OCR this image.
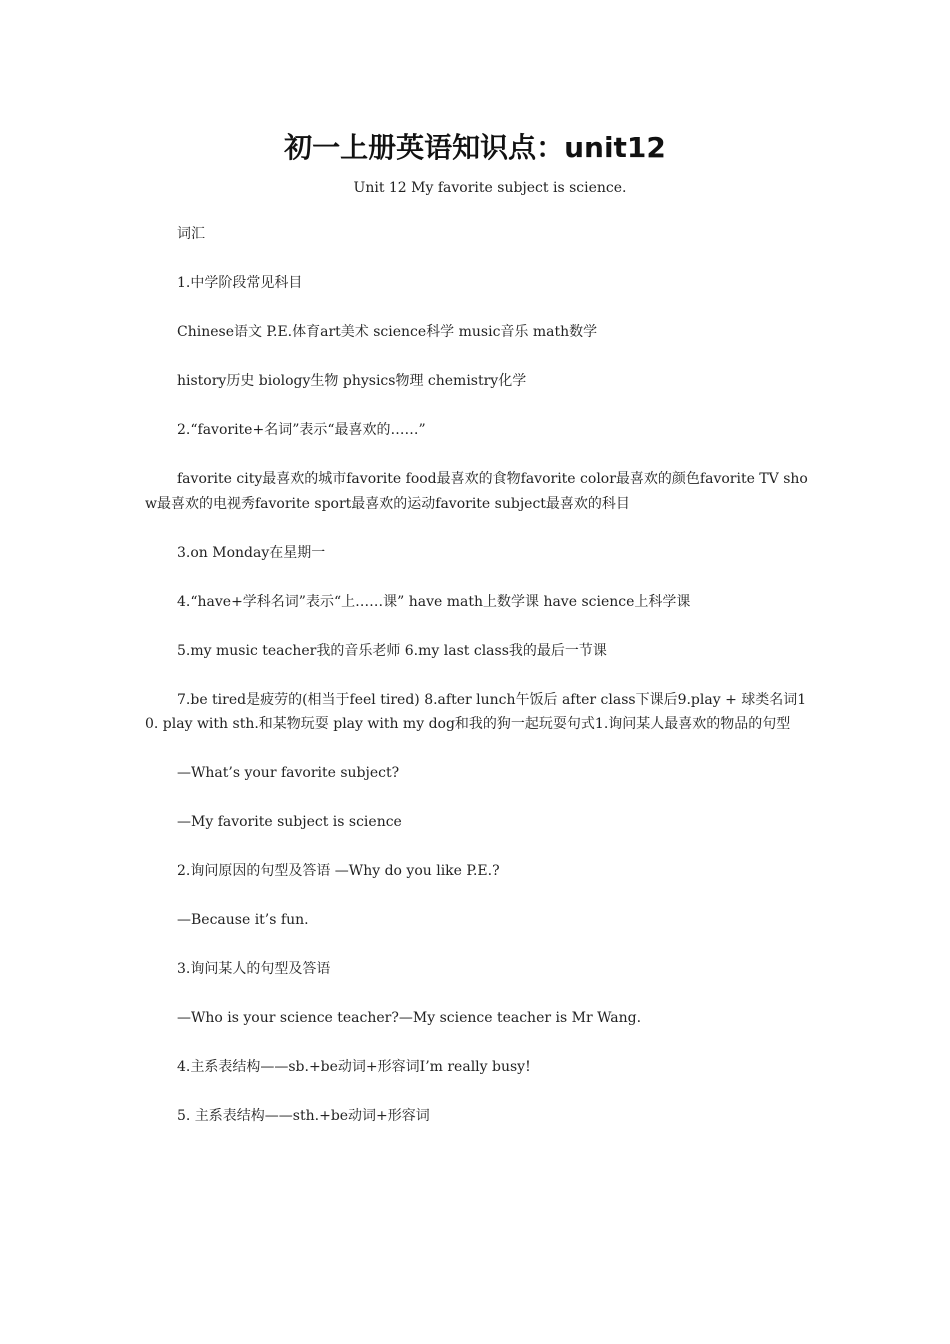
初一上册英语知识点：unit12
Unit 12 My favorite subject is science.

词汇

1.中学阶段常见科目

Chinese语文 P.E.体育art美术 science科学 music音乐 math数学

history历史 biology生物 physics物理 chemistry化学

2.“favorite+名词”表示“最喜欢的……”

favorite city最喜欢的城市favorite food最喜欢的食物favorite color最喜欢的颜色favorite TV show最喜欢的电视秀favorite sport最喜欢的运动favorite subject最喜欢的科目

3.on Monday在星期一

4.“have+学科名词”表示“上……课” have math上数学课 have science上科学课

5.my music teacher我的音乐老师 6.my last class我的最后一节课

7.be tired是疲劳的(相当于feel tired) 8.after lunch午饭后 after class下课后9.play + 球类名词10. play with sth.和某物玩耍 play with my dog和我的狗一起玩耍句式1.询问某人最喜欢的物品的句型

—What’s your favorite subject?

—My favorite subject is science

2.询问原因的句型及答语 —Why do you like P.E.?

—Because it’s fun.

3.询问某人的句型及答语

—Who is your science teacher?—My science teacher is Mr Wang.

4.主系表结构——sb.+be动词+形容词I’m really busy!

5. 主系表结构——sth.+be动词+形容词
